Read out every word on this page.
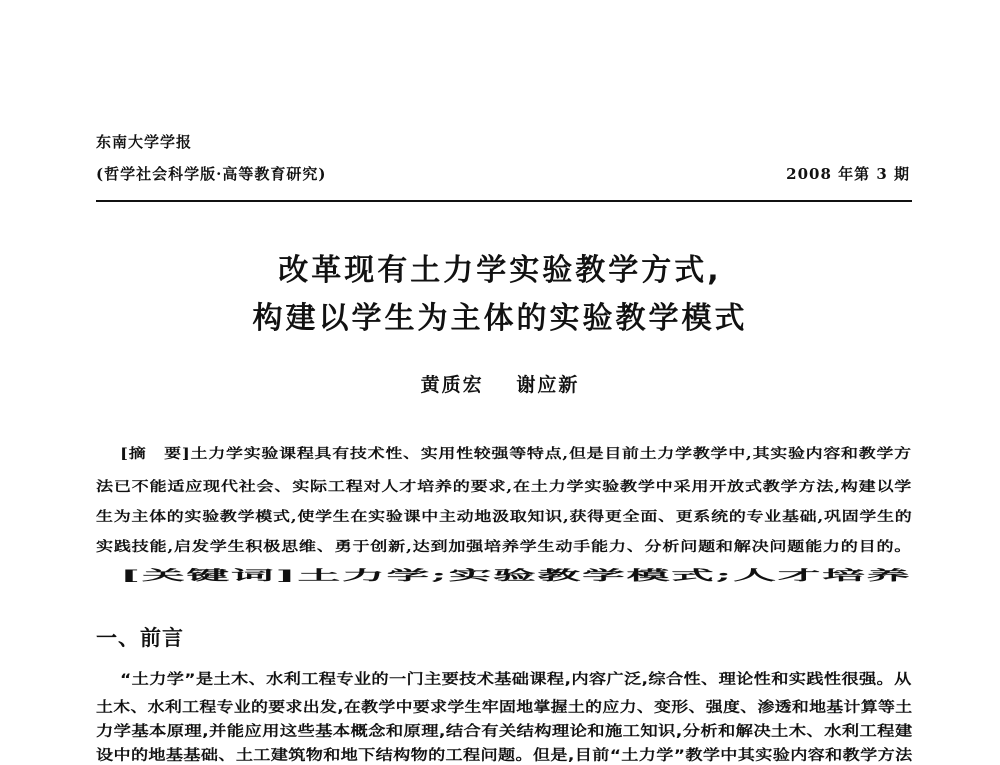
东南大学学报
(哲学社会科学版·高等教育研究)	2008 年第 3 期
改革现有土力学实验教学方式,
构建以学生为主体的实验教学模式
黄质宏 谢应新
[摘　要]土力学实验课程具有技术性、实用性较强等特点,但是目前土力学教学中,其实验内容和教学方
法已不能适应现代社会、实际工程对人才培养的要求,在土力学实验教学中采用开放式教学方法,构建以学
生为主体的实验教学模式,使学生在实验课中主动地汲取知识,获得更全面、更系统的专业基础,巩固学生的
实践技能,启发学生积极思维、勇于创新,达到加强培养学生动手能力、分析问题和解决问题能力的目的。
[关键词]土力学;实验教学模式;人才培养
一、前言
“土力学”是土木、水利工程专业的一门主要技术基础课程,内容广泛,综合性、理论性和实践性很强。从
土木、水利工程专业的要求出发,在教学中要求学生牢固地掌握土的应力、变形、强度、渗透和地基计算等土
力学基本原理,并能应用这些基本概念和原理,结合有关结构理论和施工知识,分析和解决土木、水利工程建
设中的地基基础、土工建筑物和地下结构物的工程问题。但是,目前“土力学”教学中其实验内容和教学方法
